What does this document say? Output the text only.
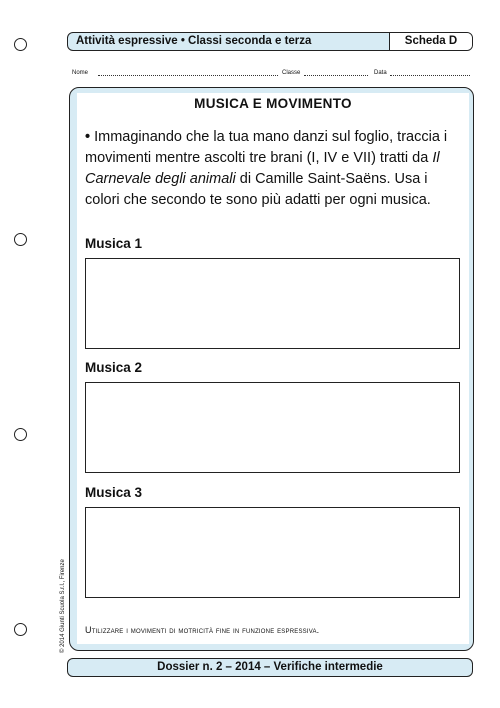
Attività espressive • Classi seconda e terza	Scheda D
Nome	Classe	Data
MUSICA E MOVIMENTO
• Immaginando che la tua mano danzi sul foglio, traccia i movimenti mentre ascolti tre brani (I, IV e VII) tratti da Il Carnevale degli animali di Camille Saint-Saëns. Usa i colori che secondo te sono più adatti per ogni musica.
Musica 1
Musica 2
Musica 3
Utilizzare i movimenti di motricità fine in funzione espressiva.
© 2014 Giunti Scuola S.r.l., Firenze
Dossier n. 2 – 2014 – Verifiche intermedie
